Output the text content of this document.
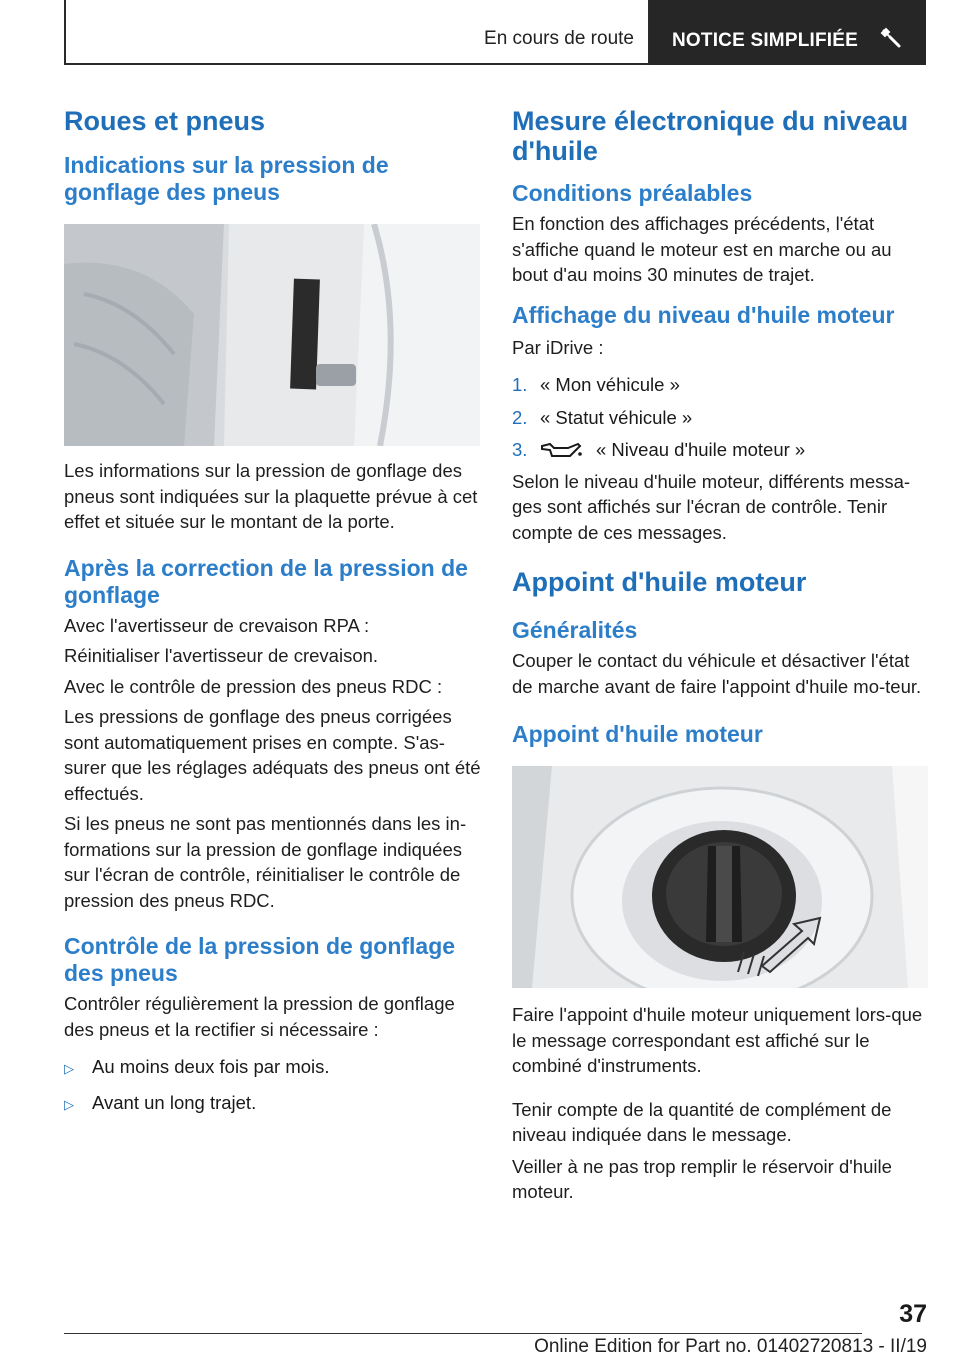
En cours de route NOTICE SIMPLIFIÉE
Roues et pneus
Indications sur la pression de gonflage des pneus

Les informations sur la pression de gonflage des pneus sont indiquées sur la plaquette prévue à cet effet et située sur le montant de la porte.

Après la correction de la pression de gonflage

Avec l'avertisseur de crevaison RPA :

Réinitialiser l'avertisseur de crevaison.

Avec le contrôle de pression des pneus RDC :

Les pressions de gonflage des pneus corrigées sont automatiquement prises en compte. S'as-surer que les réglages adéquats des pneus ont été effectués.

Si les pneus ne sont pas mentionnés dans les in-formations sur la pression de gonflage indiquées sur l'écran de contrôle, réinitialiser le contrôle de pression des pneus RDC.

Contrôle de la pression de gonflage des pneus

Contrôler régulièrement la pression de gonflage des pneus et la rectifier si nécessaire :

▷ Au moins deux fois par mois.
▷ Avant un long trajet.
Mesure électronique du niveau d'huile
Conditions préalables

En fonction des affichages précédents, l'état s'affiche quand le moteur est en marche ou au bout d'au moins 30 minutes de trajet.

Affichage du niveau d'huile moteur

Par iDrive :

1. « Mon véhicule »
2. « Statut véhicule »
3.	« Niveau d'huile moteur »

Selon le niveau d'huile moteur, différents messa-ges sont affichés sur l'écran de contrôle. Tenir compte de ces messages.

Appoint d'huile moteur
Généralités

Couper le contact du véhicule et désactiver l'état de marche avant de faire l'appoint d'huile mo-teur.

Appoint d'huile moteur

Faire l'appoint d'huile moteur uniquement lors-que le message correspondant est affiché sur le combiné d'instruments.

Tenir compte de la quantité de complément de niveau indiquée dans le message.

Veiller à ne pas trop remplir le réservoir d'huile moteur.

37
Online Edition for Part no. 01402720813 - II/19
